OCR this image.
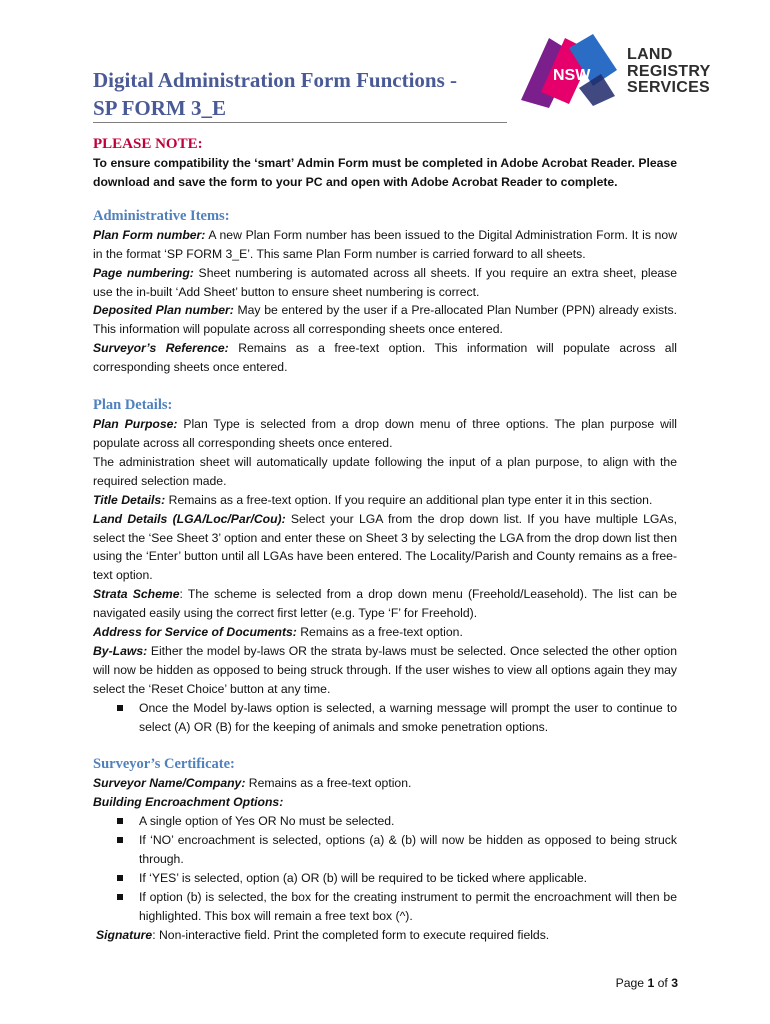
Digital Administration Form Functions -
SP FORM 3_E
NSW
LAND
REGISTRY
SERVICES

PLEASE NOTE:

To ensure compatibility the ‘smart’ Admin Form must be completed in Adobe Acrobat Reader. Please download and save the form to your PC and open with Adobe Acrobat Reader to complete.

Administrative Items:

Plan Form number: A new Plan Form number has been issued to the Digital Administration Form. It is now in the format ‘SP FORM 3_E’. This same Plan Form number is carried forward to all sheets.

Page numbering: Sheet numbering is automated across all sheets. If you require an extra sheet, please use the in-built ‘Add Sheet’ button to ensure sheet numbering is correct.

Deposited Plan number: May be entered by the user if a Pre-allocated Plan Number (PPN) already exists. This information will populate across all corresponding sheets once entered.

Surveyor’s Reference: Remains as a free-text option. This information will populate across all corresponding sheets once entered.

Plan Details:

Plan Purpose: Plan Type is selected from a drop down menu of three options. The plan purpose will populate across all corresponding sheets once entered.

The administration sheet will automatically update following the input of a plan purpose, to align with the required selection made.

Title Details: Remains as a free-text option. If you require an additional plan type enter it in this section.

Land Details (LGA/Loc/Par/Cou): Select your LGA from the drop down list. If you have multiple LGAs, select the ‘See Sheet 3’ option and enter these on Sheet 3 by selecting the LGA from the drop down list then using the ‘Enter’ button until all LGAs have been entered. The Locality/Parish and County remains as a free-text option.

Strata Scheme: The scheme is selected from a drop down menu (Freehold/Leasehold). The list can be navigated easily using the correct first letter (e.g. Type ‘F’ for Freehold).

Address for Service of Documents: Remains as a free-text option.

By-Laws: Either the model by-laws OR the strata by-laws must be selected. Once selected the other option will now be hidden as opposed to being struck through. If the user wishes to view all options again they may select the ‘Reset Choice’ button at any time.

Once the Model by-laws option is selected, a warning message will prompt the user to continue to select (A) OR (B) for the keeping of animals and smoke penetration options.

Surveyor’s Certificate:

Surveyor Name/Company: Remains as a free-text option.

Building Encroachment Options:

A single option of Yes OR No must be selected.
If ‘NO’ encroachment is selected, options (a) & (b) will now be hidden as opposed to being struck through.
If ‘YES’ is selected, option (a) OR (b) will be required to be ticked where applicable.
If option (b) is selected, the box for the creating instrument to permit the encroachment will then be highlighted. This box will remain a free text box (^).

Signature: Non-interactive field. Print the completed form to execute required fields.

Page 1 of 3
